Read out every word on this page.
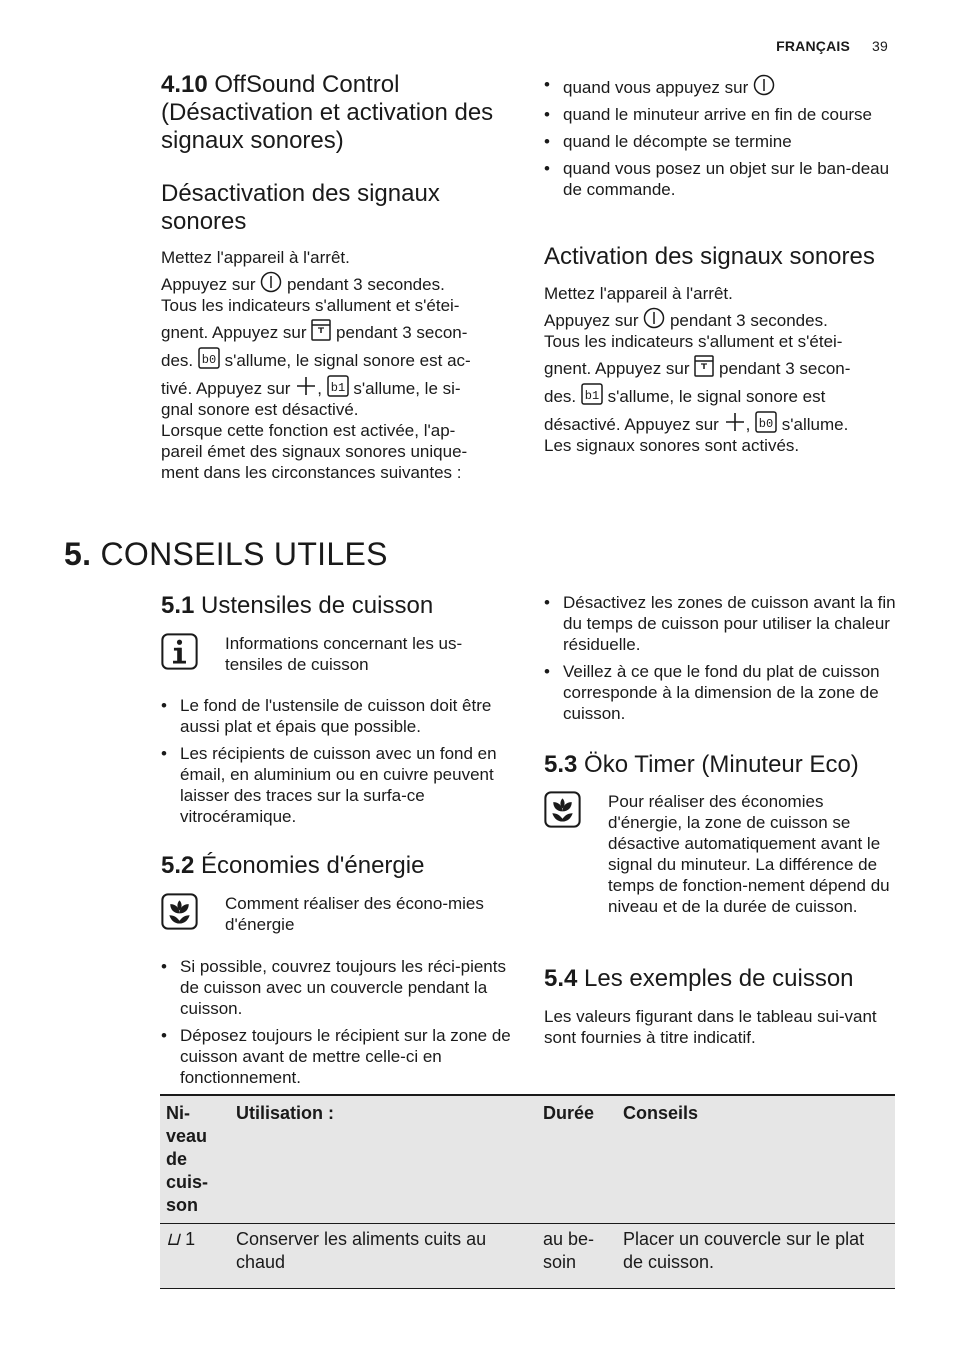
FRANÇAIS 39
4.10 OffSound Control (Désactivation et activation des signaux sonores)
Désactivation des signaux sonores

Mettez l'appareil à l'arrêt.

Appuyez sur pendant 3 secondes.

Tous les indicateurs s'allument et s'étei-

gnent. Appuyez sur pendant 3 secon-

des. s'allume, le signal sonore est ac-

tivé. Appuyez sur , s'allume, le si-

gnal sonore est désactivé.

Lorsque cette fonction est activée, l'ap-

pareil émet des signaux sonores unique-

ment dans les circonstances suivantes :

• quand vous appuyez sur
• quand le minuteur arrive en fin de course
• quand le décompte se termine
• quand vous posez un objet sur le ban-deau de commande.
Activation des signaux sonores

Mettez l'appareil à l'arrêt.

Appuyez sur pendant 3 secondes.

Tous les indicateurs s'allument et s'étei-

gnent. Appuyez sur pendant 3 secon-

des. s'allume, le signal sonore est

désactivé. Appuyez sur , s'allume.

Les signaux sonores sont activés.

5. CONSEILS UTILES
5.1 Ustensiles de cuisson
Informations concernant les us-tensiles de cuisson
• Le fond de l'ustensile de cuisson doit être aussi plat et épais que possible.
• Les récipients de cuisson avec un fond en émail, en aluminium ou en cuivre peuvent laisser des traces sur la surfa-ce vitrocéramique.
5.2 Économies d'énergie
Comment réaliser des écono-mies d'énergie
• Si possible, couvrez toujours les réci-pients de cuisson avec un couvercle pendant la cuisson.
• Déposez toujours le récipient sur la zone de cuisson avant de mettre celle-ci en fonctionnement.
• Désactivez les zones de cuisson avant la fin du temps de cuisson pour utiliser la chaleur résiduelle.
• Veillez à ce que le fond du plat de cuisson corresponde à la dimension de la zone de cuisson.
5.3 Öko Timer (Minuteur Eco)
Pour réaliser des économies d'énergie, la zone de cuisson se désactive automatiquement avant le signal du minuteur. La différence de temps de fonction-nement dépend du niveau et de la durée de cuisson.
5.4 Les exemples de cuisson
Les valeurs figurant dans le tableau sui-vant sont fournies à titre indicatif.
Ni-veau de cuis-son	Utilisation :	Durée	Conseils
⊔ 1	Conserver les aliments cuits au chaud	au be-soin	Placer un couvercle sur le plat de cuisson.
